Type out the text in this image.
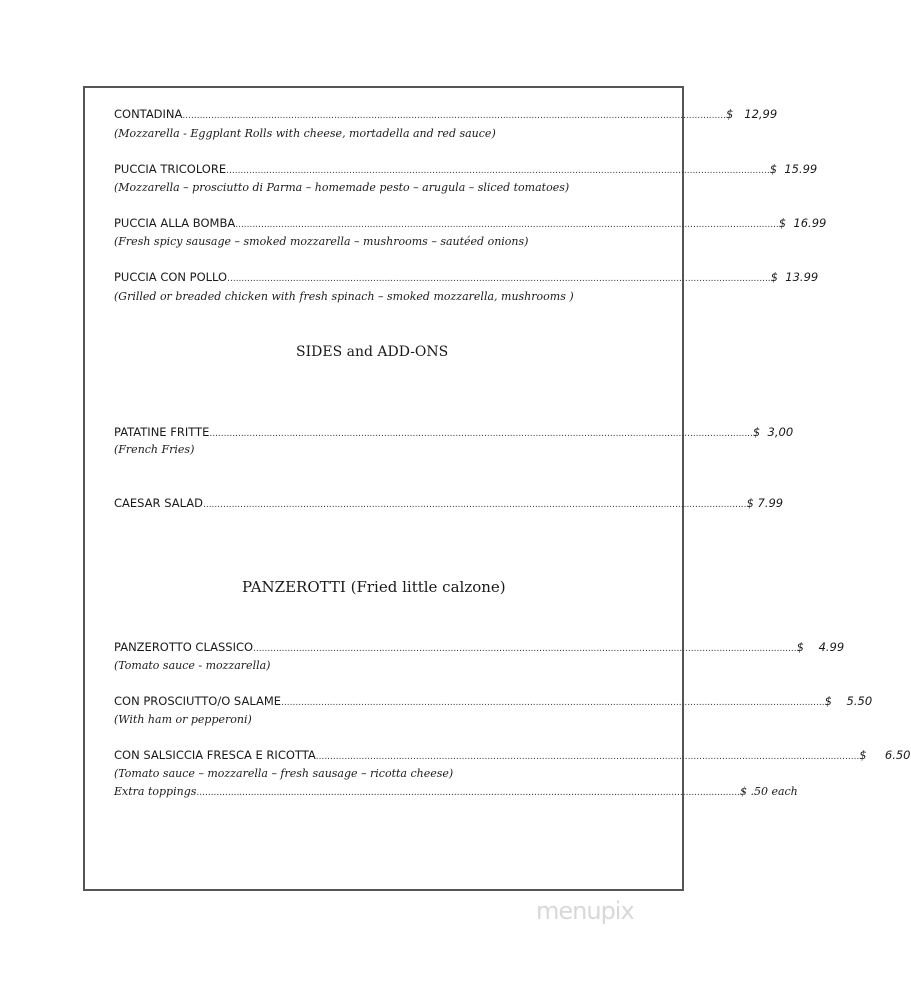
CONTADINA .............................................................................................................................................................................................. $   12,99
(Mozzarella - Eggplant Rolls with cheese, mortadella and red sauce)
PUCCIA TRICOLORE .............................................................................................................................................................................................. $  15.99
(Mozzarella – prosciutto di Parma – homemade pesto – arugula – sliced tomatoes)
PUCCIA ALLA BOMBA .............................................................................................................................................................................................. $  16.99
(Fresh spicy sausage – smoked mozzarella – mushrooms – sautéed onions)
PUCCIA CON POLLO .............................................................................................................................................................................................. $  13.99
(Grilled or breaded chicken with fresh spinach – smoked mozzarella, mushrooms )
SIDES and ADD-ONS
PATATINE FRITTE .............................................................................................................................................................................................. $  3,00
(French Fries)
CAESAR SALAD .............................................................................................................................................................................................. $ 7.99
PANZEROTTI (Fried little calzone)
PANZEROTTO CLASSICO .............................................................................................................................................................................................. $    4.99
(Tomato sauce - mozzarella)
CON PROSCIUTTO/O SALAME .............................................................................................................................................................................................. $    5.50
(With ham or pepperoni)
CON SALSICCIA FRESCA E RICOTTA .............................................................................................................................................................................................. $     6.50
(Tomato sauce – mozzarella – fresh sausage – ricotta cheese)
Extra toppings .............................................................................................................................................................................................. $ .50 each
menupix
